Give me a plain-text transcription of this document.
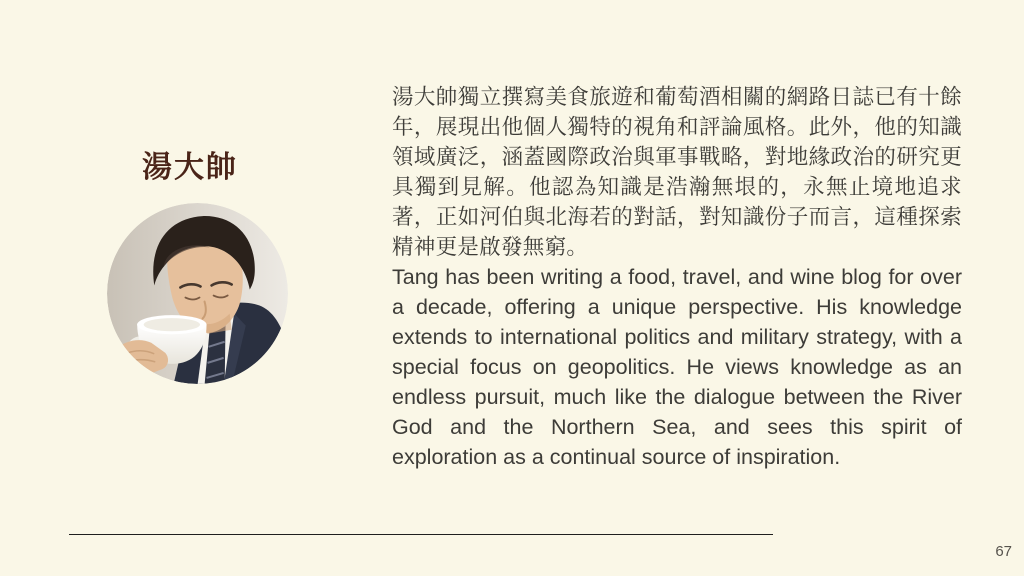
湯大帥

湯大帥獨立撰寫美食旅遊和葡萄酒相關的網路日誌已有十餘年，展現出他個人獨特的視角和評論風格。此外，他的知識領域廣泛，涵蓋國際政治與軍事戰略，對地緣政治的研究更具獨到見解。他認為知識是浩瀚無垠的，永無止境地追求著，正如河伯與北海若的對話，對知識份子而言，這種探索精神更是啟發無窮。

Tang has been writing a food, travel, and wine blog for over a decade, offering a unique perspective. His knowledge extends to international politics and military strategy, with a special focus on geopolitics. He views knowledge as an endless pursuit, much like the dialogue between the River God and the Northern Sea, and sees this spirit of exploration as a continual source of inspiration.

67
